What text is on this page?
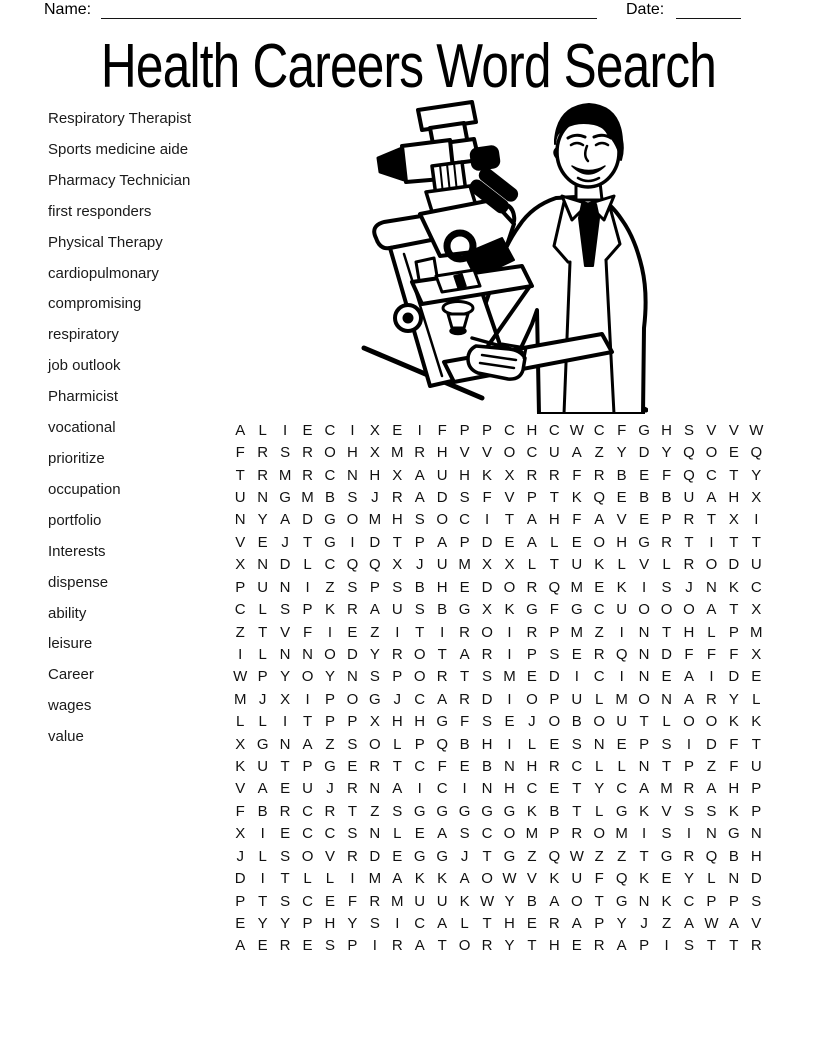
Name:	Date:
Health Careers Word Search
Respiratory Therapist
Sports medicine aide
Pharmacy Technician
first responders
Physical Therapy
cardiopulmonary
compromising
respiratory
job outlook
Pharmicist
vocational
prioritize
occupation
portfolio
Interests
dispense
ability
leisure
Career
wages
value
A L	I	E C I	X E	I	F P P C H C W C F G H S V V W
F R S R O H X M R H V V O C U A Z Y D Y Q O E Q
T R M R C N H X A U H K X R R F R B E F Q C T Y
U N G M B S J R A D S F V P T K Q E B B U A H X
N Y A D G O M H S O C I	T A H F A V E P R T X	I
V E J T G I D T P A P D E A L E O H G R T	I	T T
X N D L C Q Q X J U M X X L T U K L V L R O D U
P U N I	Z S P S B H E D O R Q M E K	I	S J N K C
C L S P K R A U S B G X K G F G C U O O O A T X
Z T V F	I	E Z	I	T	I R O I R P M Z	I N T H L P M
I	L N N O D Y R O T A R I	P S E R Q N D F F F X
W P Y O Y N S P O R T S M E D I C I N E A	I D E
M J X	I	P O G J C A R D I O P U L M O N A R Y L
L L	I	T P P X H H G F S E J O B O U T L O O K K
X G N A Z S O L P Q B H I	L E S N E P S	I D F T
K U T P G E R T C F E B N H R C L L N T P Z F U
V A E U J R N A	I C I N H C E T Y C A M R A H P
F B R C R T Z S G G G G G K B T L G K V S S K P
X	I	E C C S N L E A S C O M P R O M I	S	I N G N
J L S O V R D E G G J T G Z Q W Z Z T G R Q B H
D I	T L L	I M A K K A O W V K U F Q K E Y L N D
P T S C E F R M U U K W Y B A O T G N K C P P S
E Y Y P H Y S	I C A L T H E R A P Y J Z A W A V
A E R E S P	I R A T O R Y T H E R A P	I	S T T R
